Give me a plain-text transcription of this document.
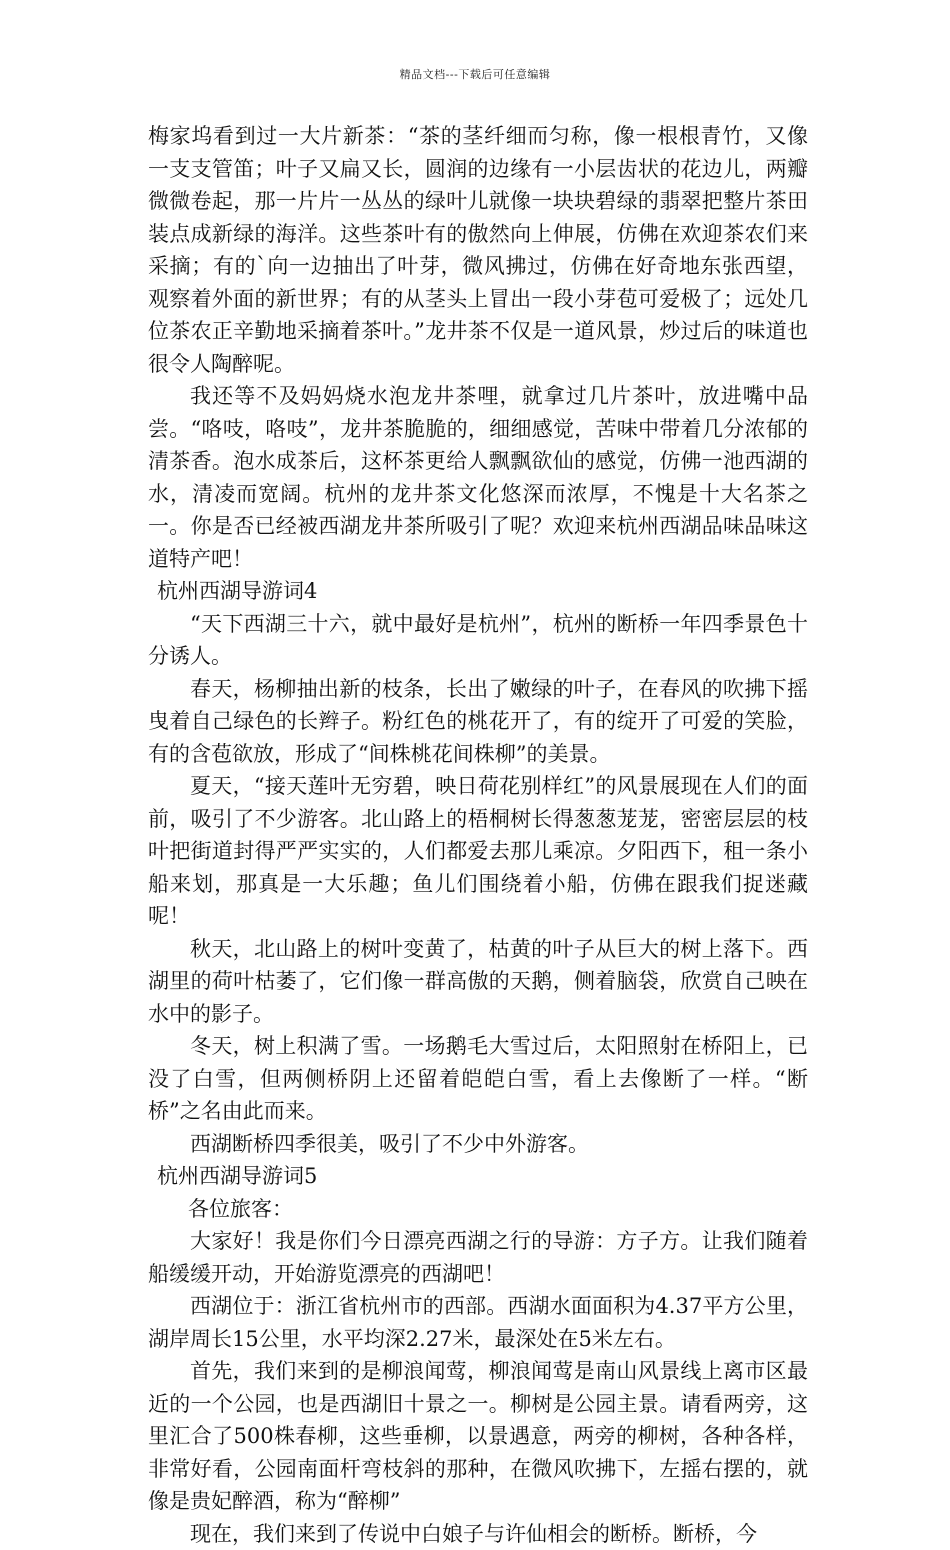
精品文档---下载后可任意编辑

梅家坞看到过一大片新茶：“茶的茎纤细而匀称，像一根根青竹，又像一支支管笛；叶子又扁又长，圆润的边缘有一小层齿状的花边儿，两瓣微微卷起，那一片片一丛丛的绿叶儿就像一块块碧绿的翡翠把整片茶田装点成新绿的海洋。这些茶叶有的傲然向上伸展，仿佛在欢迎茶农们来采摘；有的`向一边抽出了叶芽，微风拂过，仿佛在好奇地东张西望，观察着外面的新世界；有的从茎头上冒出一段小芽苞可爱极了；远处几位茶农正辛勤地采摘着茶叶。”龙井茶不仅是一道风景，炒过后的味道也很令人陶醉呢。

我还等不及妈妈烧水泡龙井茶哩，就拿过几片茶叶，放进嘴中品尝。“咯吱，咯吱”，龙井茶脆脆的，细细感觉，苦味中带着几分浓郁的清茶香。泡水成茶后，这杯茶更给人飘飘欲仙的感觉，仿佛一池西湖的水，清凌而宽阔。杭州的龙井茶文化悠深而浓厚，不愧是十大名茶之一。你是否已经被西湖龙井茶所吸引了呢？欢迎来杭州西湖品味品味这道特产吧！

杭州西湖导游词4

“天下西湖三十六，就中最好是杭州”，杭州的断桥一年四季景色十分诱人。

春天，杨柳抽出新的枝条，长出了嫩绿的叶子，在春风的吹拂下摇曳着自己绿色的长辫子。粉红色的桃花开了，有的绽开了可爱的笑脸，有的含苞欲放，形成了“间株桃花间株柳”的美景。

夏天，“接天莲叶无穷碧，映日荷花别样红”的风景展现在人们的面前，吸引了不少游客。北山路上的梧桐树长得葱葱茏茏，密密层层的枝叶把街道封得严严实实的，人们都爱去那儿乘凉。夕阳西下，租一条小船来划，那真是一大乐趣；鱼儿们围绕着小船，仿佛在跟我们捉迷藏呢！

秋天，北山路上的树叶变黄了，枯黄的叶子从巨大的树上落下。西湖里的荷叶枯萎了，它们像一群高傲的天鹅，侧着脑袋，欣赏自己映在水中的影子。

冬天，树上积满了雪。一场鹅毛大雪过后，太阳照射在桥阳上，已没了白雪，但两侧桥阴上还留着皑皑白雪，看上去像断了一样。“断桥”之名由此而来。

西湖断桥四季很美，吸引了不少中外游客。

杭州西湖导游词5

各位旅客：

大家好！我是你们今日漂亮西湖之行的导游：方子方。让我们随着船缓缓开动，开始游览漂亮的西湖吧！

西湖位于：浙江省杭州市的西部。西湖水面面积为4.37平方公里，湖岸周长15公里，水平均深2.27米，最深处在5米左右。

首先，我们来到的是柳浪闻莺，柳浪闻莺是南山风景线上离市区最近的一个公园，也是西湖旧十景之一。柳树是公园主景。请看两旁，这里汇合了500株春柳，这些垂柳，以景遇意，两旁的柳树，各种各样，非常好看，公园南面杆弯枝斜的那种，在微风吹拂下，左摇右摆的，就像是贵妃醉酒，称为“醉柳”

现在，我们来到了传说中白娘子与许仙相会的断桥。断桥，今
